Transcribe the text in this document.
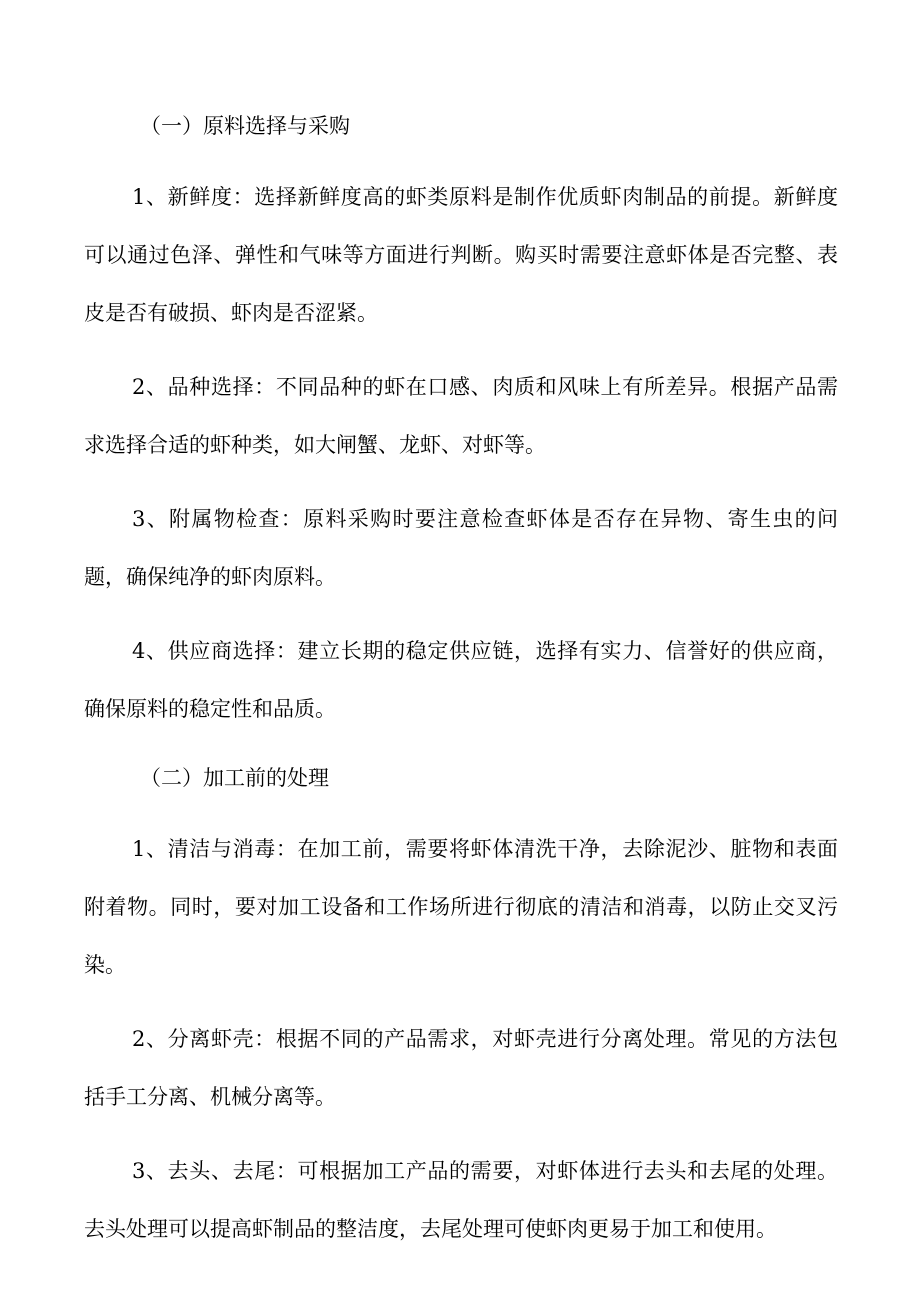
（一）原料选择与采购

1、新鲜度：选择新鲜度高的虾类原料是制作优质虾肉制品的前提。新鲜度可以通过色泽、弹性和气味等方面进行判断。购买时需要注意虾体是否完整、表皮是否有破损、虾肉是否涩紧。

2、品种选择：不同品种的虾在口感、肉质和风味上有所差异。根据产品需求选择合适的虾种类，如大闸蟹、龙虾、对虾等。

3、附属物检查：原料采购时要注意检查虾体是否存在异物、寄生虫的问题，确保纯净的虾肉原料。

4、供应商选择：建立长期的稳定供应链，选择有实力、信誉好的供应商，确保原料的稳定性和品质。

（二）加工前的处理

1、清洁与消毒：在加工前，需要将虾体清洗干净，去除泥沙、脏物和表面附着物。同时，要对加工设备和工作场所进行彻底的清洁和消毒，以防止交叉污染。

2、分离虾壳：根据不同的产品需求，对虾壳进行分离处理。常见的方法包括手工分离、机械分离等。

3、去头、去尾：可根据加工产品的需要，对虾体进行去头和去尾的处理。去头处理可以提高虾制品的整洁度，去尾处理可使虾肉更易于加工和使用。
